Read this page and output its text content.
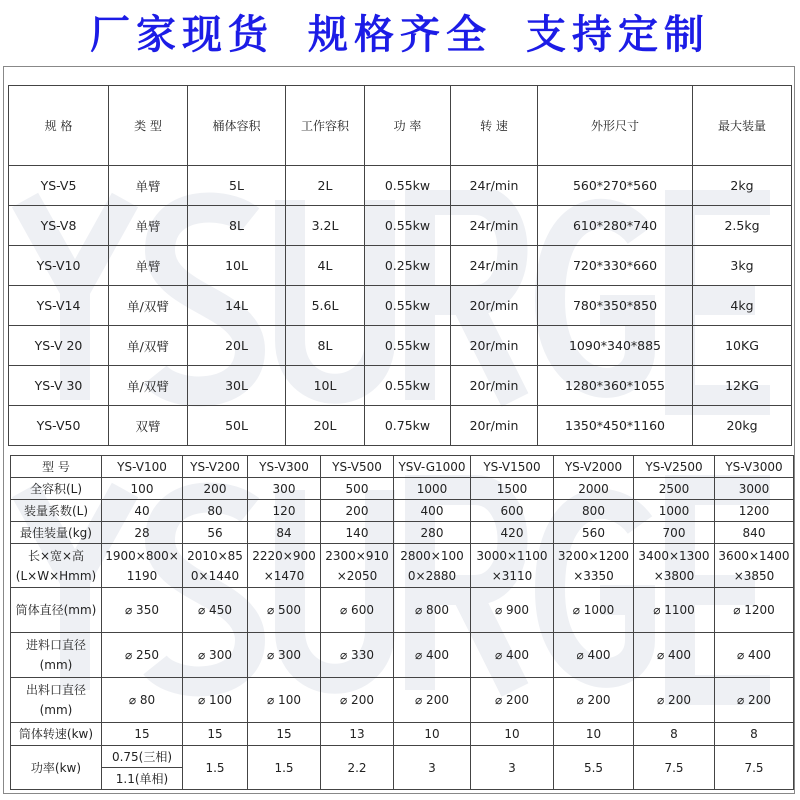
厂家现货 规格齐全 支持定制
规 格	类 型	桶体容积	工作容积	功 率	转 速	外形尺寸	最大装量
YS-V5	单臂	5L	2L	0.55kw	24r/min	560*270*560	2kg
YS-V8	单臂	8L	3.2L	0.55kw	24r/min	610*280*740	2.5kg
YS-V10	单臂	10L	4L	0.25kw	24r/min	720*330*660	3kg
YS-V14	单/双臂	14L	5.6L	0.55kw	20r/min	780*350*850	4kg
YS-V 20	单/双臂	20L	8L	0.55kw	20r/min	1090*340*885	10KG
YS-V 30	单/双臂	30L	10L	0.55kw	20r/min	1280*360*1055	12KG
YS-V50	双臂	50L	20L	0.75kw	20r/min	1350*450*1160	20kg
型 号	YS-V100	YS-V200	YS-V300	YS-V500	YSV-G1000	YS-V1500	YS-V2000	YS-V2500	YS-V3000
全容积(L)	100	200	300	500	1000	1500	2000	2500	3000
装量系数(L)	40	80	120	200	400	600	800	1000	1200
最佳装量(kg)	28	56	84	140	280	420	560	700	840
长×宽×高(L×W×Hmm)	1900×800×1190	2010×850×1440	2220×900×1470	2300×910×2050	2800×1000×2880	3000×1100×3110	3200×1200×3350	3400×1300×3800	3600×1400×3850
筒体直径(mm)	⌀ 350	⌀ 450	⌀ 500	⌀ 600	⌀ 800	⌀ 900	⌀ 1000	⌀ 1100	⌀ 1200
进料口直径(mm)	⌀ 250	⌀ 300	⌀ 300	⌀ 330	⌀ 400	⌀ 400	⌀ 400	⌀ 400	⌀ 400
出料口直径(mm)	⌀ 80	⌀ 100	⌀ 100	⌀ 200	⌀ 200	⌀ 200	⌀ 200	⌀ 200	⌀ 200
筒体转速(kw)	15	15	15	13	10	10	10	8	8
功率(kw)	0.75(三相)	1.5	1.5	2.2	3	3	5.5	7.5	7.5
	1.1(单相)								
